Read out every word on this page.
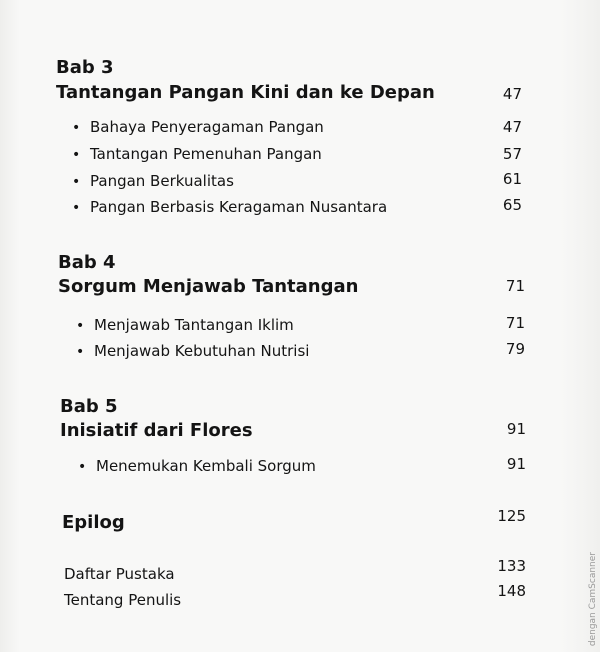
Bab 3
Tantangan Pangan Kini dan ke Depan	47
• Bahaya Penyeragaman Pangan	47
• Tantangan Pemenuhan Pangan	57
• Pangan Berkualitas	61
• Pangan Berbasis Keragaman Nusantara	65
Bab 4
Sorgum Menjawab Tantangan	71
• Menjawab Tantangan Iklim	71
• Menjawab Kebutuhan Nutrisi	79
Bab 5
Inisiatif dari Flores	91
• Menemukan Kembali Sorgum	91
Epilog	125
Daftar Pustaka	133
Tentang Penulis	148	dengan CamScanner
